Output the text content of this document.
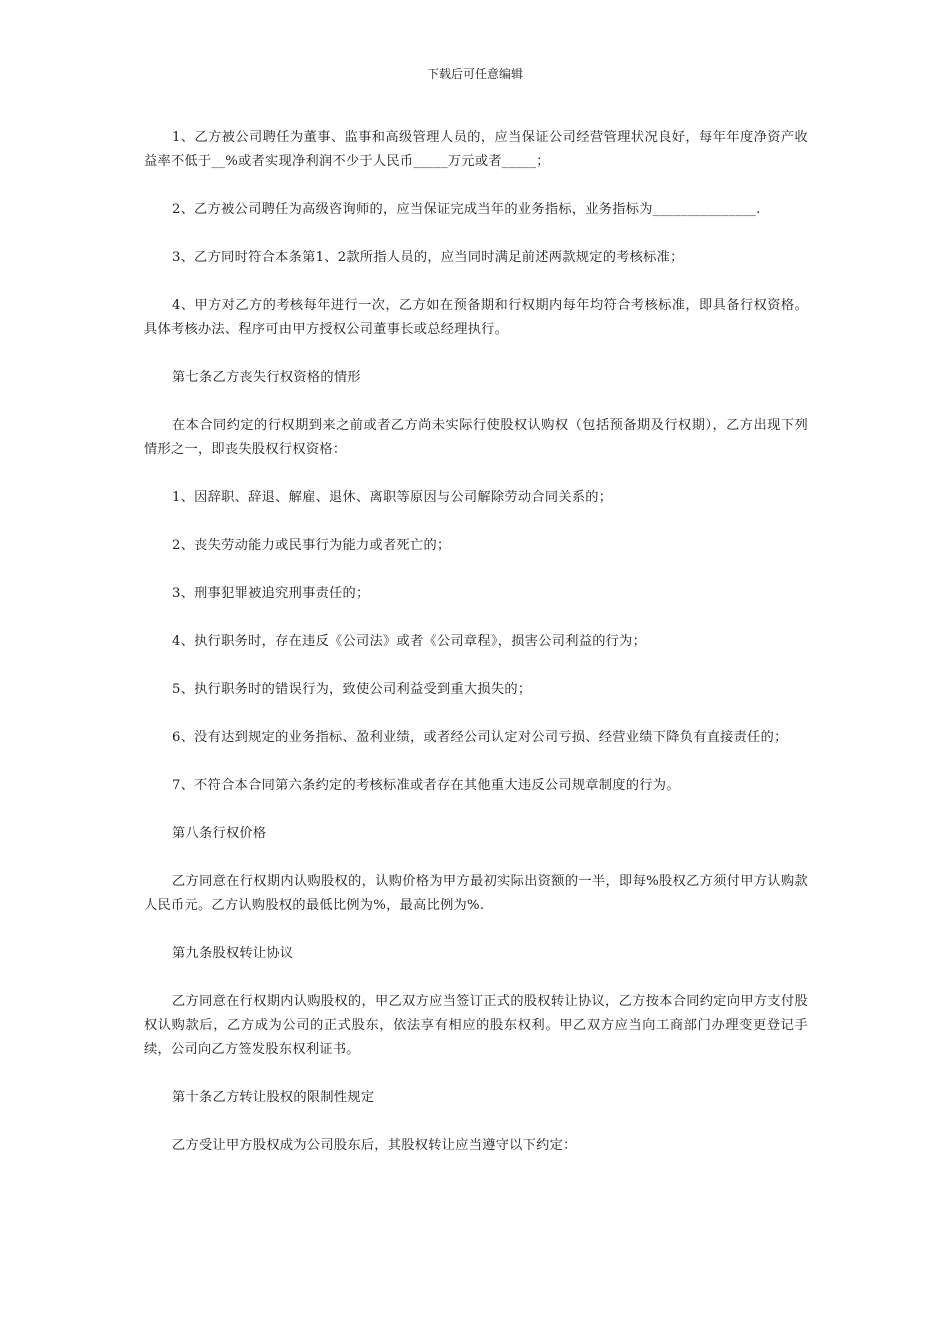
下载后可任意编辑

1、乙方被公司聘任为董事、监事和高级管理人员的，应当保证公司经营管理状况良好，每年年度净资产收益率不低于__%或者实现净利润不少于人民币_____万元或者_____；

2、乙方被公司聘任为高级咨询师的，应当保证完成当年的业务指标，业务指标为_______________.

3、乙方同时符合本条第1、2款所指人员的，应当同时满足前述两款规定的考核标准；

4、甲方对乙方的考核每年进行一次，乙方如在预备期和行权期内每年均符合考核标准，即具备行权资格。具体考核办法、程序可由甲方授权公司董事长或总经理执行。

第七条乙方丧失行权资格的情形

在本合同约定的行权期到来之前或者乙方尚未实际行使股权认购权（包括预备期及行权期），乙方出现下列情形之一，即丧失股权行权资格：

1、因辞职、辞退、解雇、退休、离职等原因与公司解除劳动合同关系的；

2、丧失劳动能力或民事行为能力或者死亡的；

3、刑事犯罪被追究刑事责任的；

4、执行职务时，存在违反《公司法》或者《公司章程》，损害公司利益的行为；

5、执行职务时的错误行为，致使公司利益受到重大损失的；

6、没有达到规定的业务指标、盈利业绩，或者经公司认定对公司亏损、经营业绩下降负有直接责任的；

7、不符合本合同第六条约定的考核标准或者存在其他重大违反公司规章制度的行为。

第八条行权价格

乙方同意在行权期内认购股权的，认购价格为甲方最初实际出资额的一半，即每%股权乙方须付甲方认购款人民币元。乙方认购股权的最低比例为%，最高比例为%.

第九条股权转让协议

乙方同意在行权期内认购股权的，甲乙双方应当签订正式的股权转让协议，乙方按本合同约定向甲方支付股权认购款后，乙方成为公司的正式股东，依法享有相应的股东权利。甲乙双方应当向工商部门办理变更登记手续，公司向乙方签发股东权利证书。

第十条乙方转让股权的限制性规定

乙方受让甲方股权成为公司股东后，其股权转让应当遵守以下约定：
